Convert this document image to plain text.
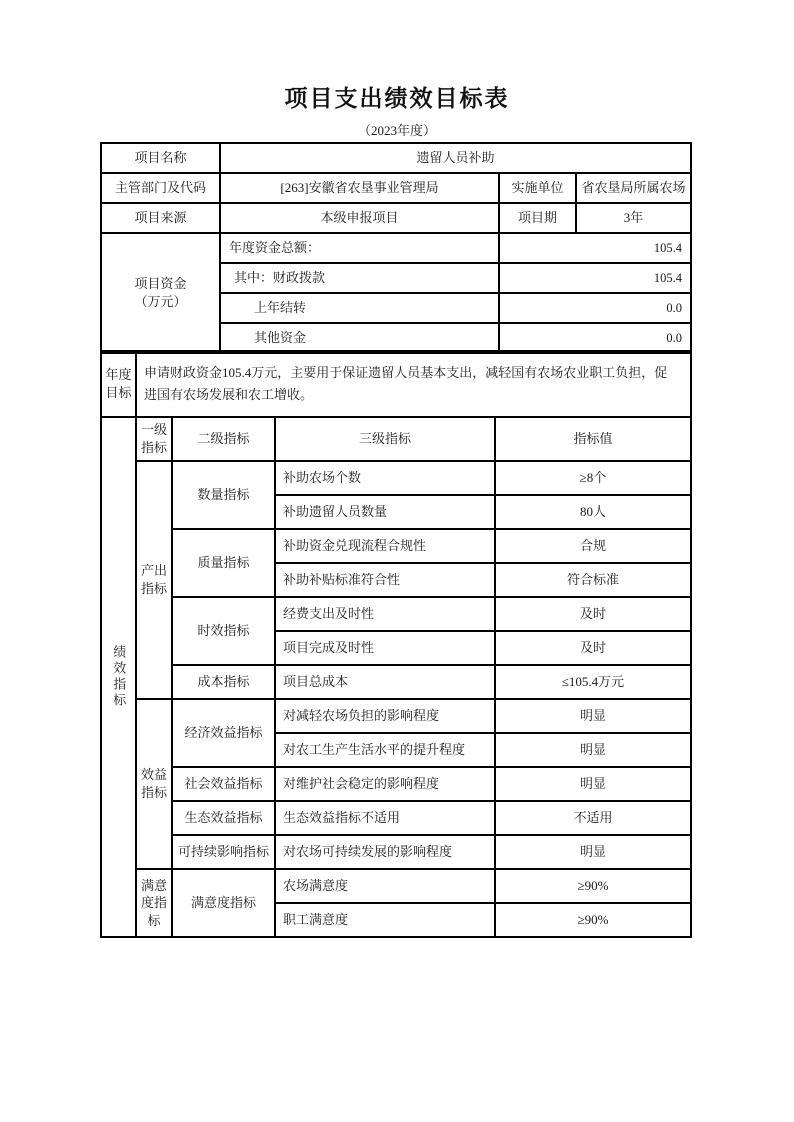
项目支出绩效目标表
（2023年度）
项目名称	遗留人员补助		
主管部门及代码	[263]安徽省农垦事业管理局	实施单位	省农垦局所属农场
项目来源	本级申报项目	项目期	3年

项目资金（万元）	年度资金总额：	105.4	
	其中：财政拨款	105.4	
	上年结转	0.0	
	其他资金	0.0	
年度目标	申请财政资金105.4万元，主要用于保证遗留人员基本支出，减轻国有农场农业职工负担，促进国有农场发展和农工增收。
绩效指标	一级指标	二级指标	三级指标	指标值
	产出指标	数量指标	补助农场个数	≥8个
			补助遗留人员数量	80人
		质量指标	补助资金兑现流程合规性	合规
			补助补贴标准符合性	符合标准
		时效指标	经费支出及时性	及时
			项目完成及时性	及时
		成本指标	项目总成本	≤105.4万元
	效益指标	经济效益指标	对减轻农场负担的影响程度	明显
			对农工生产生活水平的提升程度	明显
		社会效益指标	对维护社会稳定的影响程度	明显
		生态效益指标	生态效益指标不适用	不适用
		可持续影响指标	对农场可持续发展的影响程度	明显
	满意度指标	满意度指标	农场满意度	≥90%
			职工满意度	≥90%
